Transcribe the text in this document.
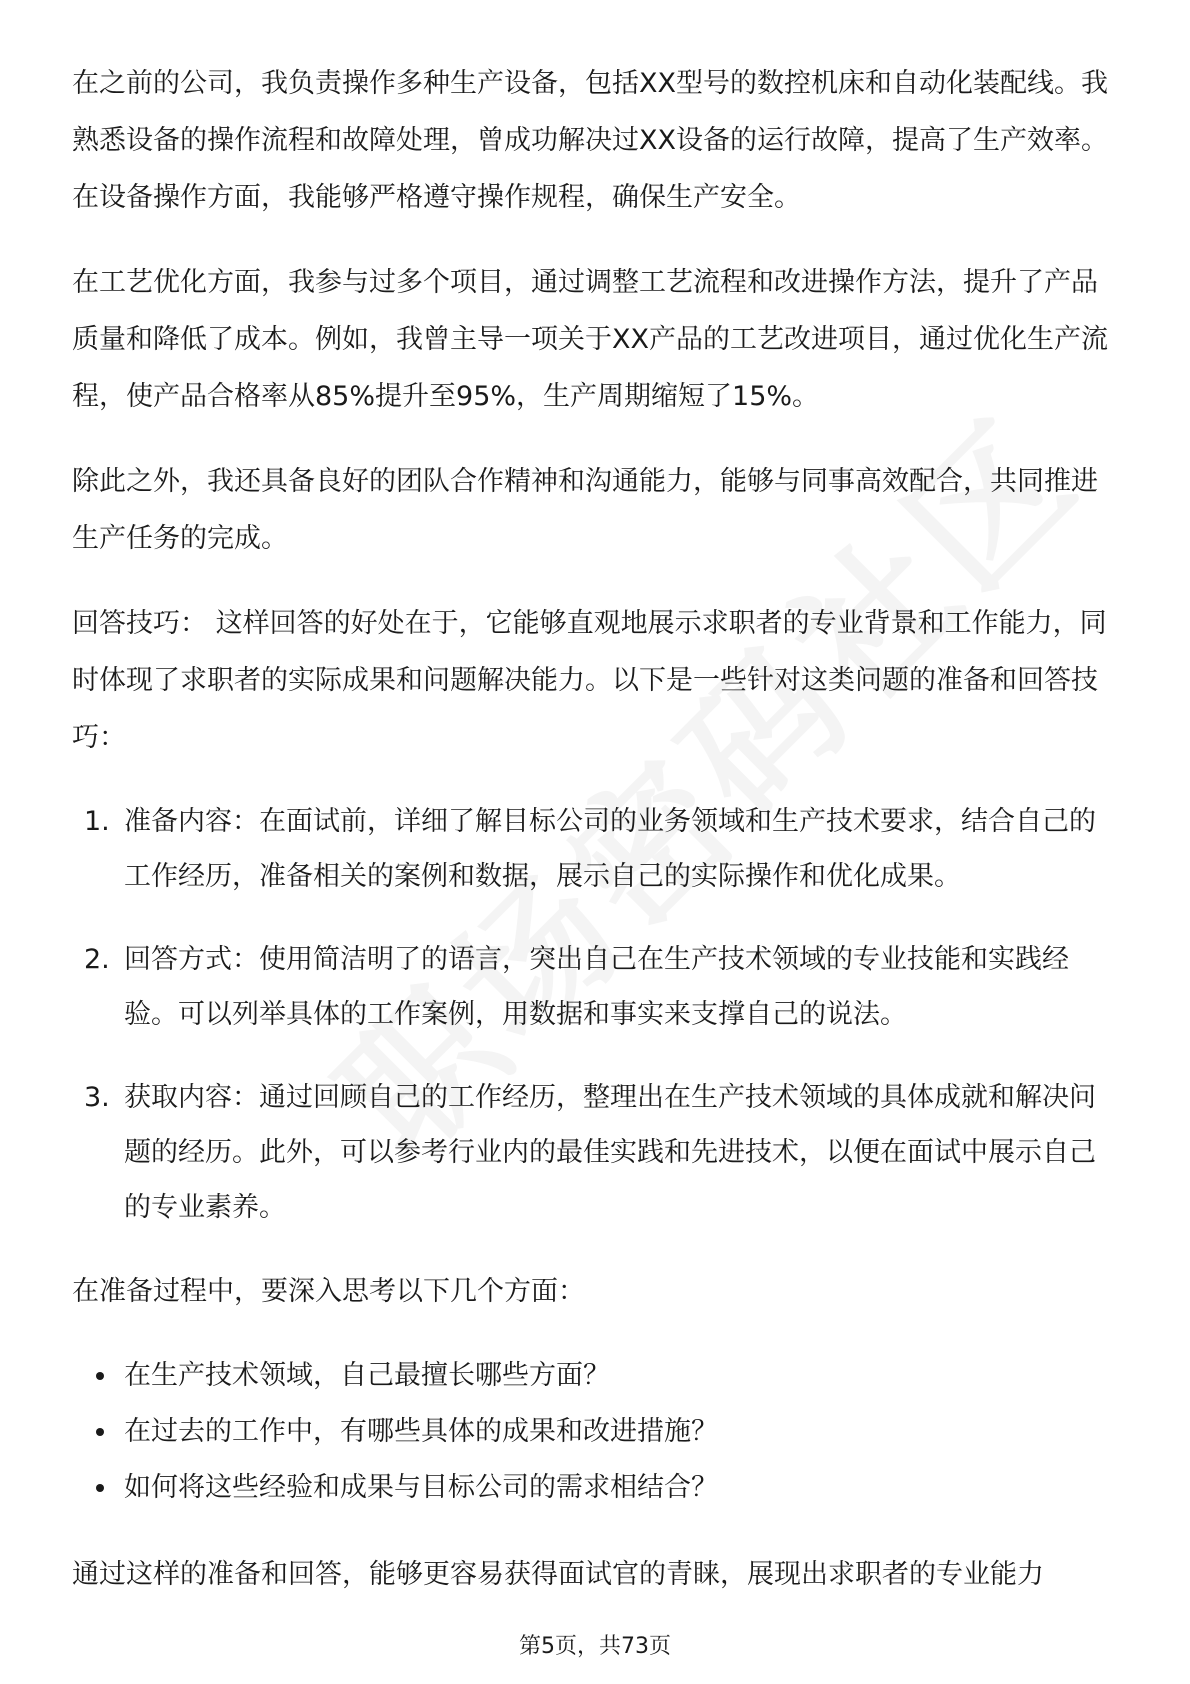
在之前的公司，我负责操作多种生产设备，包括XX型号的数控机床和自动化装配线。我熟悉设备的操作流程和故障处理，曾成功解决过XX设备的运行故障，提高了生产效率。在设备操作方面，我能够严格遵守操作规程，确保生产安全。

在工艺优化方面，我参与过多个项目，通过调整工艺流程和改进操作方法，提升了产品质量和降低了成本。例如，我曾主导一项关于XX产品的工艺改进项目，通过优化生产流程，使产品合格率从85%提升至95%，生产周期缩短了15%。

除此之外，我还具备良好的团队合作精神和沟通能力，能够与同事高效配合，共同推进生产任务的完成。

回答技巧： 这样回答的好处在于，它能够直观地展示求职者的专业背景和工作能力，同时体现了求职者的实际成果和问题解决能力。以下是一些针对这类问题的准备和回答技巧：

1. 准备内容：在面试前，详细了解目标公司的业务领域和生产技术要求，结合自己的工作经历，准备相关的案例和数据，展示自己的实际操作和优化成果。
2. 回答方式：使用简洁明了的语言，突出自己在生产技术领域的专业技能和实践经验。可以列举具体的工作案例，用数据和事实来支撑自己的说法。
3. 获取内容：通过回顾自己的工作经历，整理出在生产技术领域的具体成就和解决问题的经历。此外，可以参考行业内的最佳实践和先进技术，以便在面试中展示自己的专业素养。

在准备过程中，要深入思考以下几个方面：

在生产技术领域，自己最擅长哪些方面？
在过去的工作中，有哪些具体的成果和改进措施？
如何将这些经验和成果与目标公司的需求相结合？

通过这样的准备和回答，能够更容易获得面试官的青睐，展现出求职者的专业能力

第5页，共73页
